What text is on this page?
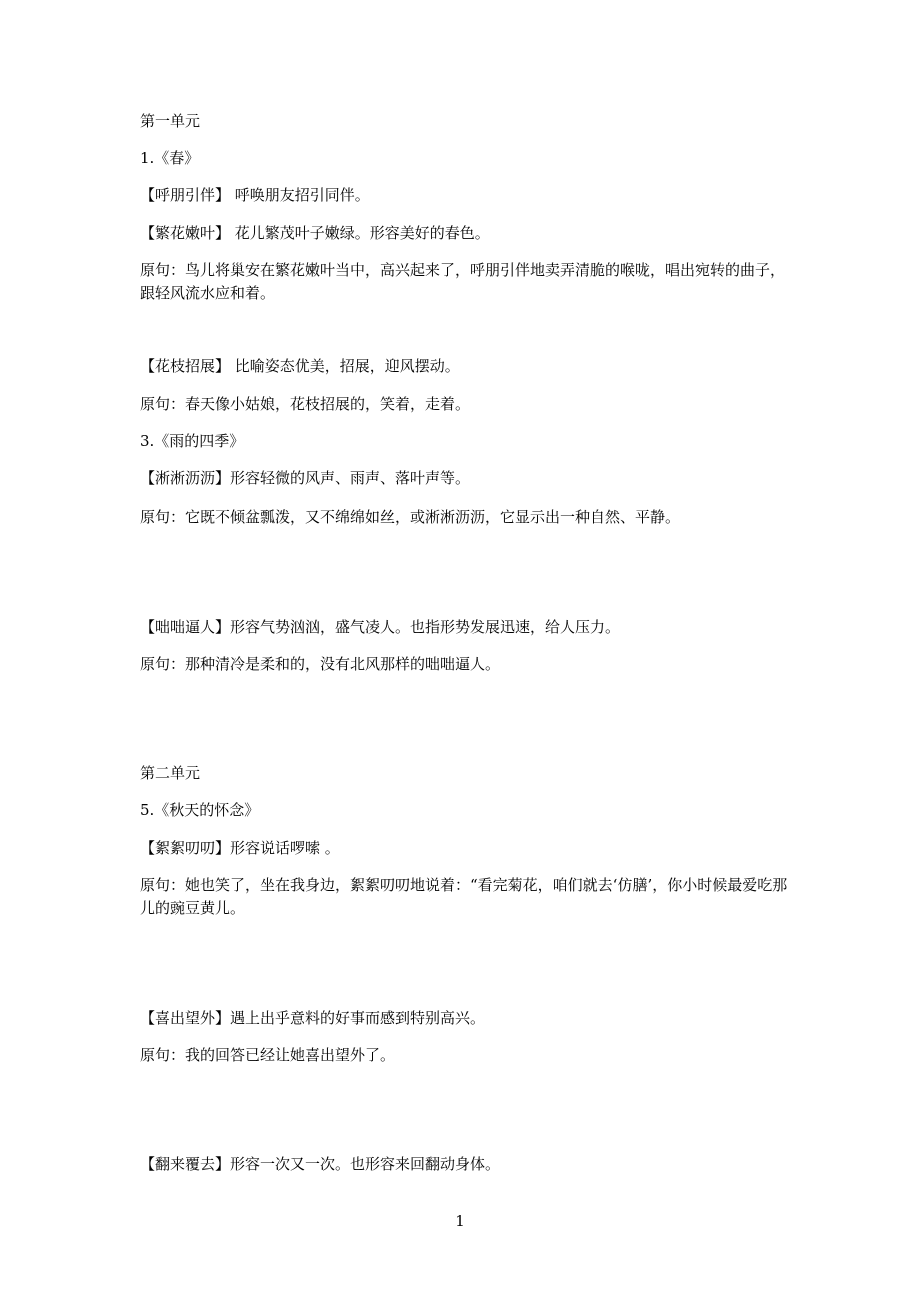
第一单元
1.《春》
【呼朋引伴】 呼唤朋友招引同伴。
【繁花嫩叶】 花儿繁茂叶子嫩绿。形容美好的春色。
原句：鸟儿将巢安在繁花嫩叶当中，高兴起来了，呼朋引伴地卖弄清脆的喉咙，唱出宛转的曲子，跟轻风流水应和着。
【花枝招展】 比喻姿态优美，招展，迎风摆动。
原句：春天像小姑娘，花枝招展的，笑着，走着。
3.《雨的四季》
【淅淅沥沥】形容轻微的风声、雨声、落叶声等。
原句：它既不倾盆瓢泼，又不绵绵如丝，或淅淅沥沥，它显示出一种自然、平静。
【咄咄逼人】形容气势汹汹，盛气凌人。也指形势发展迅速，给人压力。
原句：那种清冷是柔和的，没有北风那样的咄咄逼人。
第二单元
5.《秋天的怀念》
【絮絮叨叨】形容说话啰嗦 。
原句：她也笑了，坐在我身边，絮絮叨叨地说着：“看完菊花，咱们就去‘仿膳’，你小时候最爱吃那儿的豌豆黄儿。
【喜出望外】遇上出乎意料的好事而感到特别高兴。
原句：我的回答已经让她喜出望外了。
【翻来覆去】形容一次又一次。也形容来回翻动身体。
1
